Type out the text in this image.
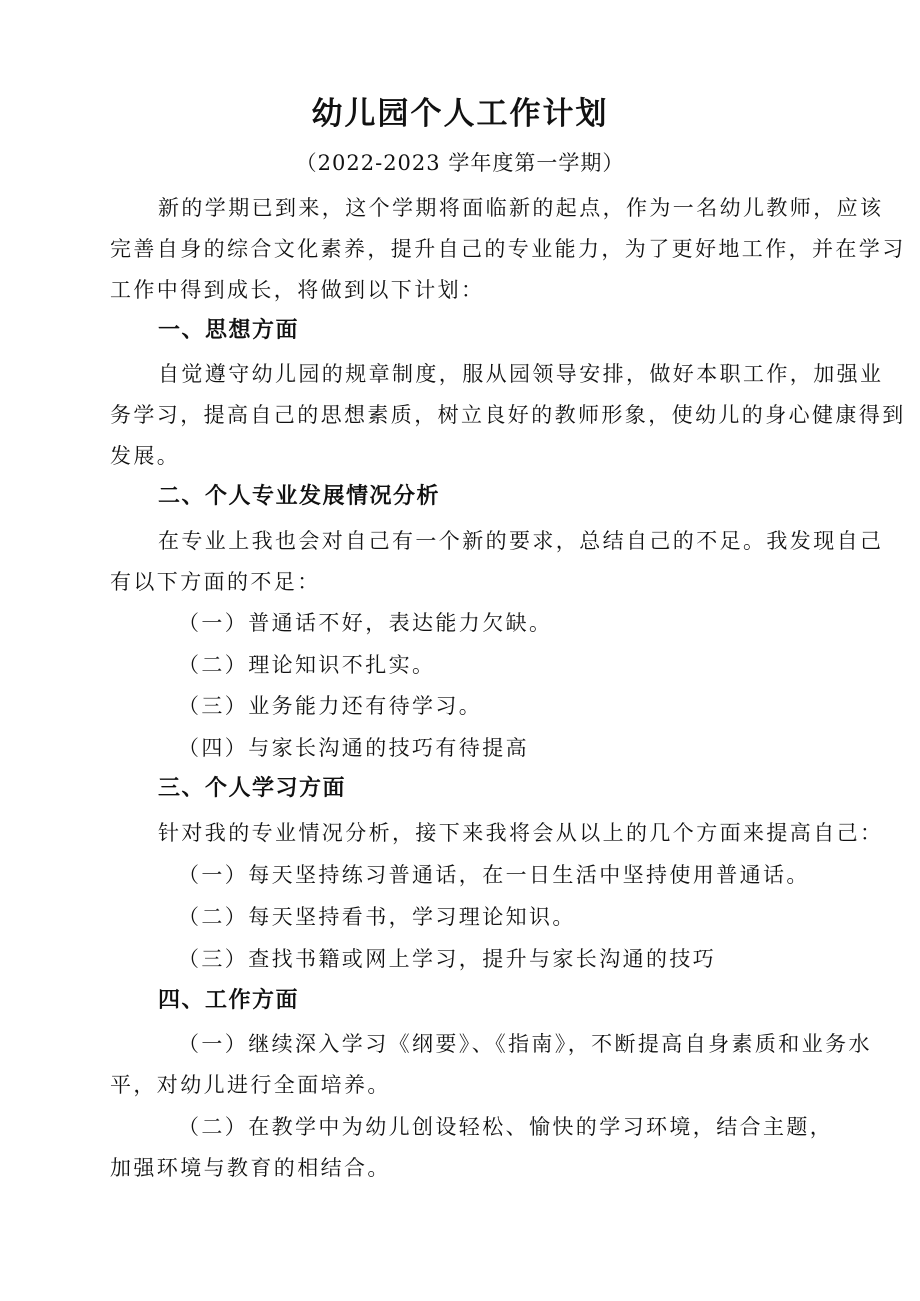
幼儿园个人工作计划
（2022-2023 学年度第一学期）
新的学期已到来，这个学期将面临新的起点，作为一名幼儿教师，应该
完善自身的综合文化素养，提升自己的专业能力，为了更好地工作，并在学习
工作中得到成长，将做到以下计划：
一、思想方面
自觉遵守幼儿园的规章制度，服从园领导安排，做好本职工作，加强业
务学习，提高自己的思想素质，树立良好的教师形象，使幼儿的身心健康得到
发展。
二、个人专业发展情况分析
在专业上我也会对自己有一个新的要求，总结自己的不足。我发现自己
有以下方面的不足：
（一）普通话不好，表达能力欠缺。
（二）理论知识不扎实。
（三）业务能力还有待学习。
（四）与家长沟通的技巧有待提高
三、个人学习方面
针对我的专业情况分析，接下来我将会从以上的几个方面来提高自己：
（一）每天坚持练习普通话，在一日生活中坚持使用普通话。
（二）每天坚持看书，学习理论知识。
（三）查找书籍或网上学习，提升与家长沟通的技巧
四、工作方面
（一）继续深入学习《纲要》、《指南》，不断提高自身素质和业务水
平，对幼儿进行全面培养。
（二）在教学中为幼儿创设轻松、愉快的学习环境，结合主题，
加强环境与教育的相结合。
